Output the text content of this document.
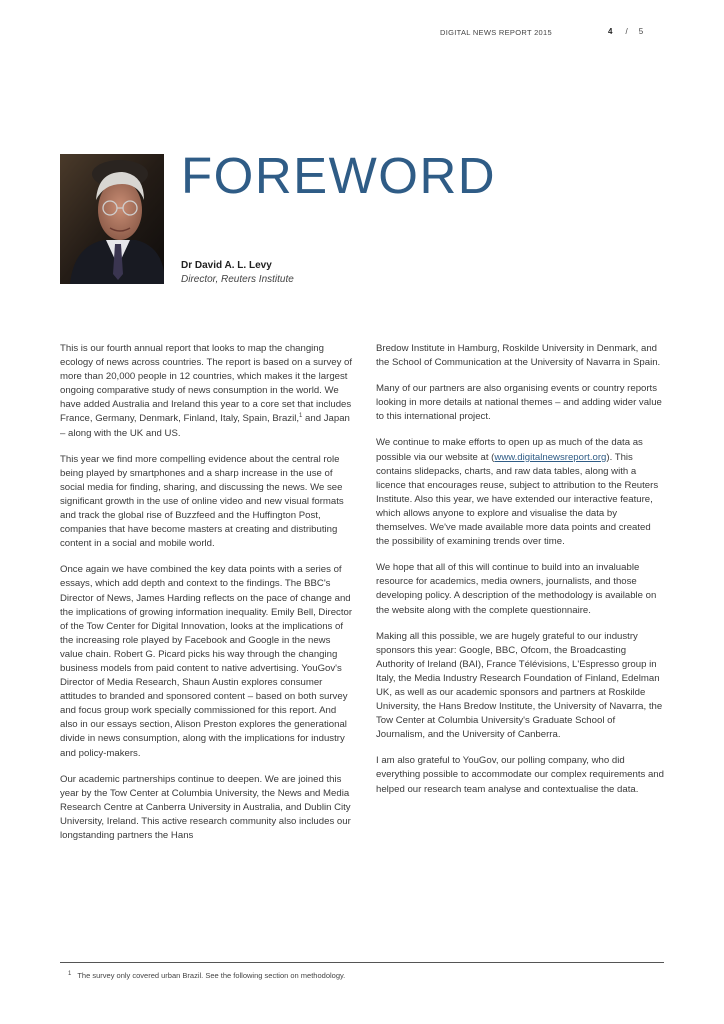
DIGITAL NEWS REPORT 2015	4 / 5
FOREWORD
Dr David A. L. Levy
Director, Reuters Institute

This is our fourth annual report that looks to map the changing ecology of news across countries. The report is based on a survey of more than 20,000 people in 12 countries, which makes it the largest ongoing comparative study of news consumption in the world. We have added Australia and Ireland this year to a core set that includes France, Germany, Denmark, Finland, Italy, Spain, Brazil,$^1$ and Japan – along with the UK and US.

This year we find more compelling evidence about the central role being played by smartphones and a sharp increase in the use of social media for finding, sharing, and discussing the news. We see significant growth in the use of online video and new visual formats and track the global rise of Buzzfeed and the Huffington Post, companies that have become masters at creating and distributing content in a social and mobile world.

Once again we have combined the key data points with a series of essays, which add depth and context to the findings. The BBC's Director of News, James Harding reflects on the pace of change and the implications of growing information inequality. Emily Bell, Director of the Tow Center for Digital Innovation, looks at the implications of the increasing role played by Facebook and Google in the news value chain. Robert G. Picard picks his way through the changing business models from paid content to native advertising. YouGov's Director of Media Research, Shaun Austin explores consumer attitudes to branded and sponsored content – based on both survey and focus group work specially commissioned for this report. And also in our essays section, Alison Preston explores the generational divide in news consumption, along with the implications for industry and policy-makers.

Our academic partnerships continue to deepen. We are joined this year by the Tow Center at Columbia University, the News and Media Research Centre at Canberra University in Australia, and Dublin City University, Ireland. This active research community also includes our longstanding partners the Hans

Bredow Institute in Hamburg, Roskilde University in Denmark, and the School of Communication at the University of Navarra in Spain.

Many of our partners are also organising events or country reports looking in more details at national themes – and adding wider value to this international project.

We continue to make efforts to open up as much of the data as possible via our website at (www.digitalnewsreport.org). This contains slidepacks, charts, and raw data tables, along with a licence that encourages reuse, subject to attribution to the Reuters Institute. Also this year, we have extended our interactive feature, which allows anyone to explore and visualise the data by themselves. We've made available more data points and created the possibility of examining trends over time.

We hope that all of this will continue to build into an invaluable resource for academics, media owners, journalists, and those developing policy. A description of the methodology is available on the website along with the complete questionnaire.

Making all this possible, we are hugely grateful to our industry sponsors this year: Google, BBC, Ofcom, the Broadcasting Authority of Ireland (BAI), France Télévisions, L'Espresso group in Italy, the Media Industry Research Foundation of Finland, Edelman UK, as well as our academic sponsors and partners at Roskilde University, the Hans Bredow Institute, the University of Navarra, the Tow Center at Columbia University's Graduate School of Journalism, and the University of Canberra.

I am also grateful to YouGov, our polling company, who did everything possible to accommodate our complex requirements and helped our research team analyse and contextualise the data.

$^1$ The survey only covered urban Brazil. See the following section on methodology.
